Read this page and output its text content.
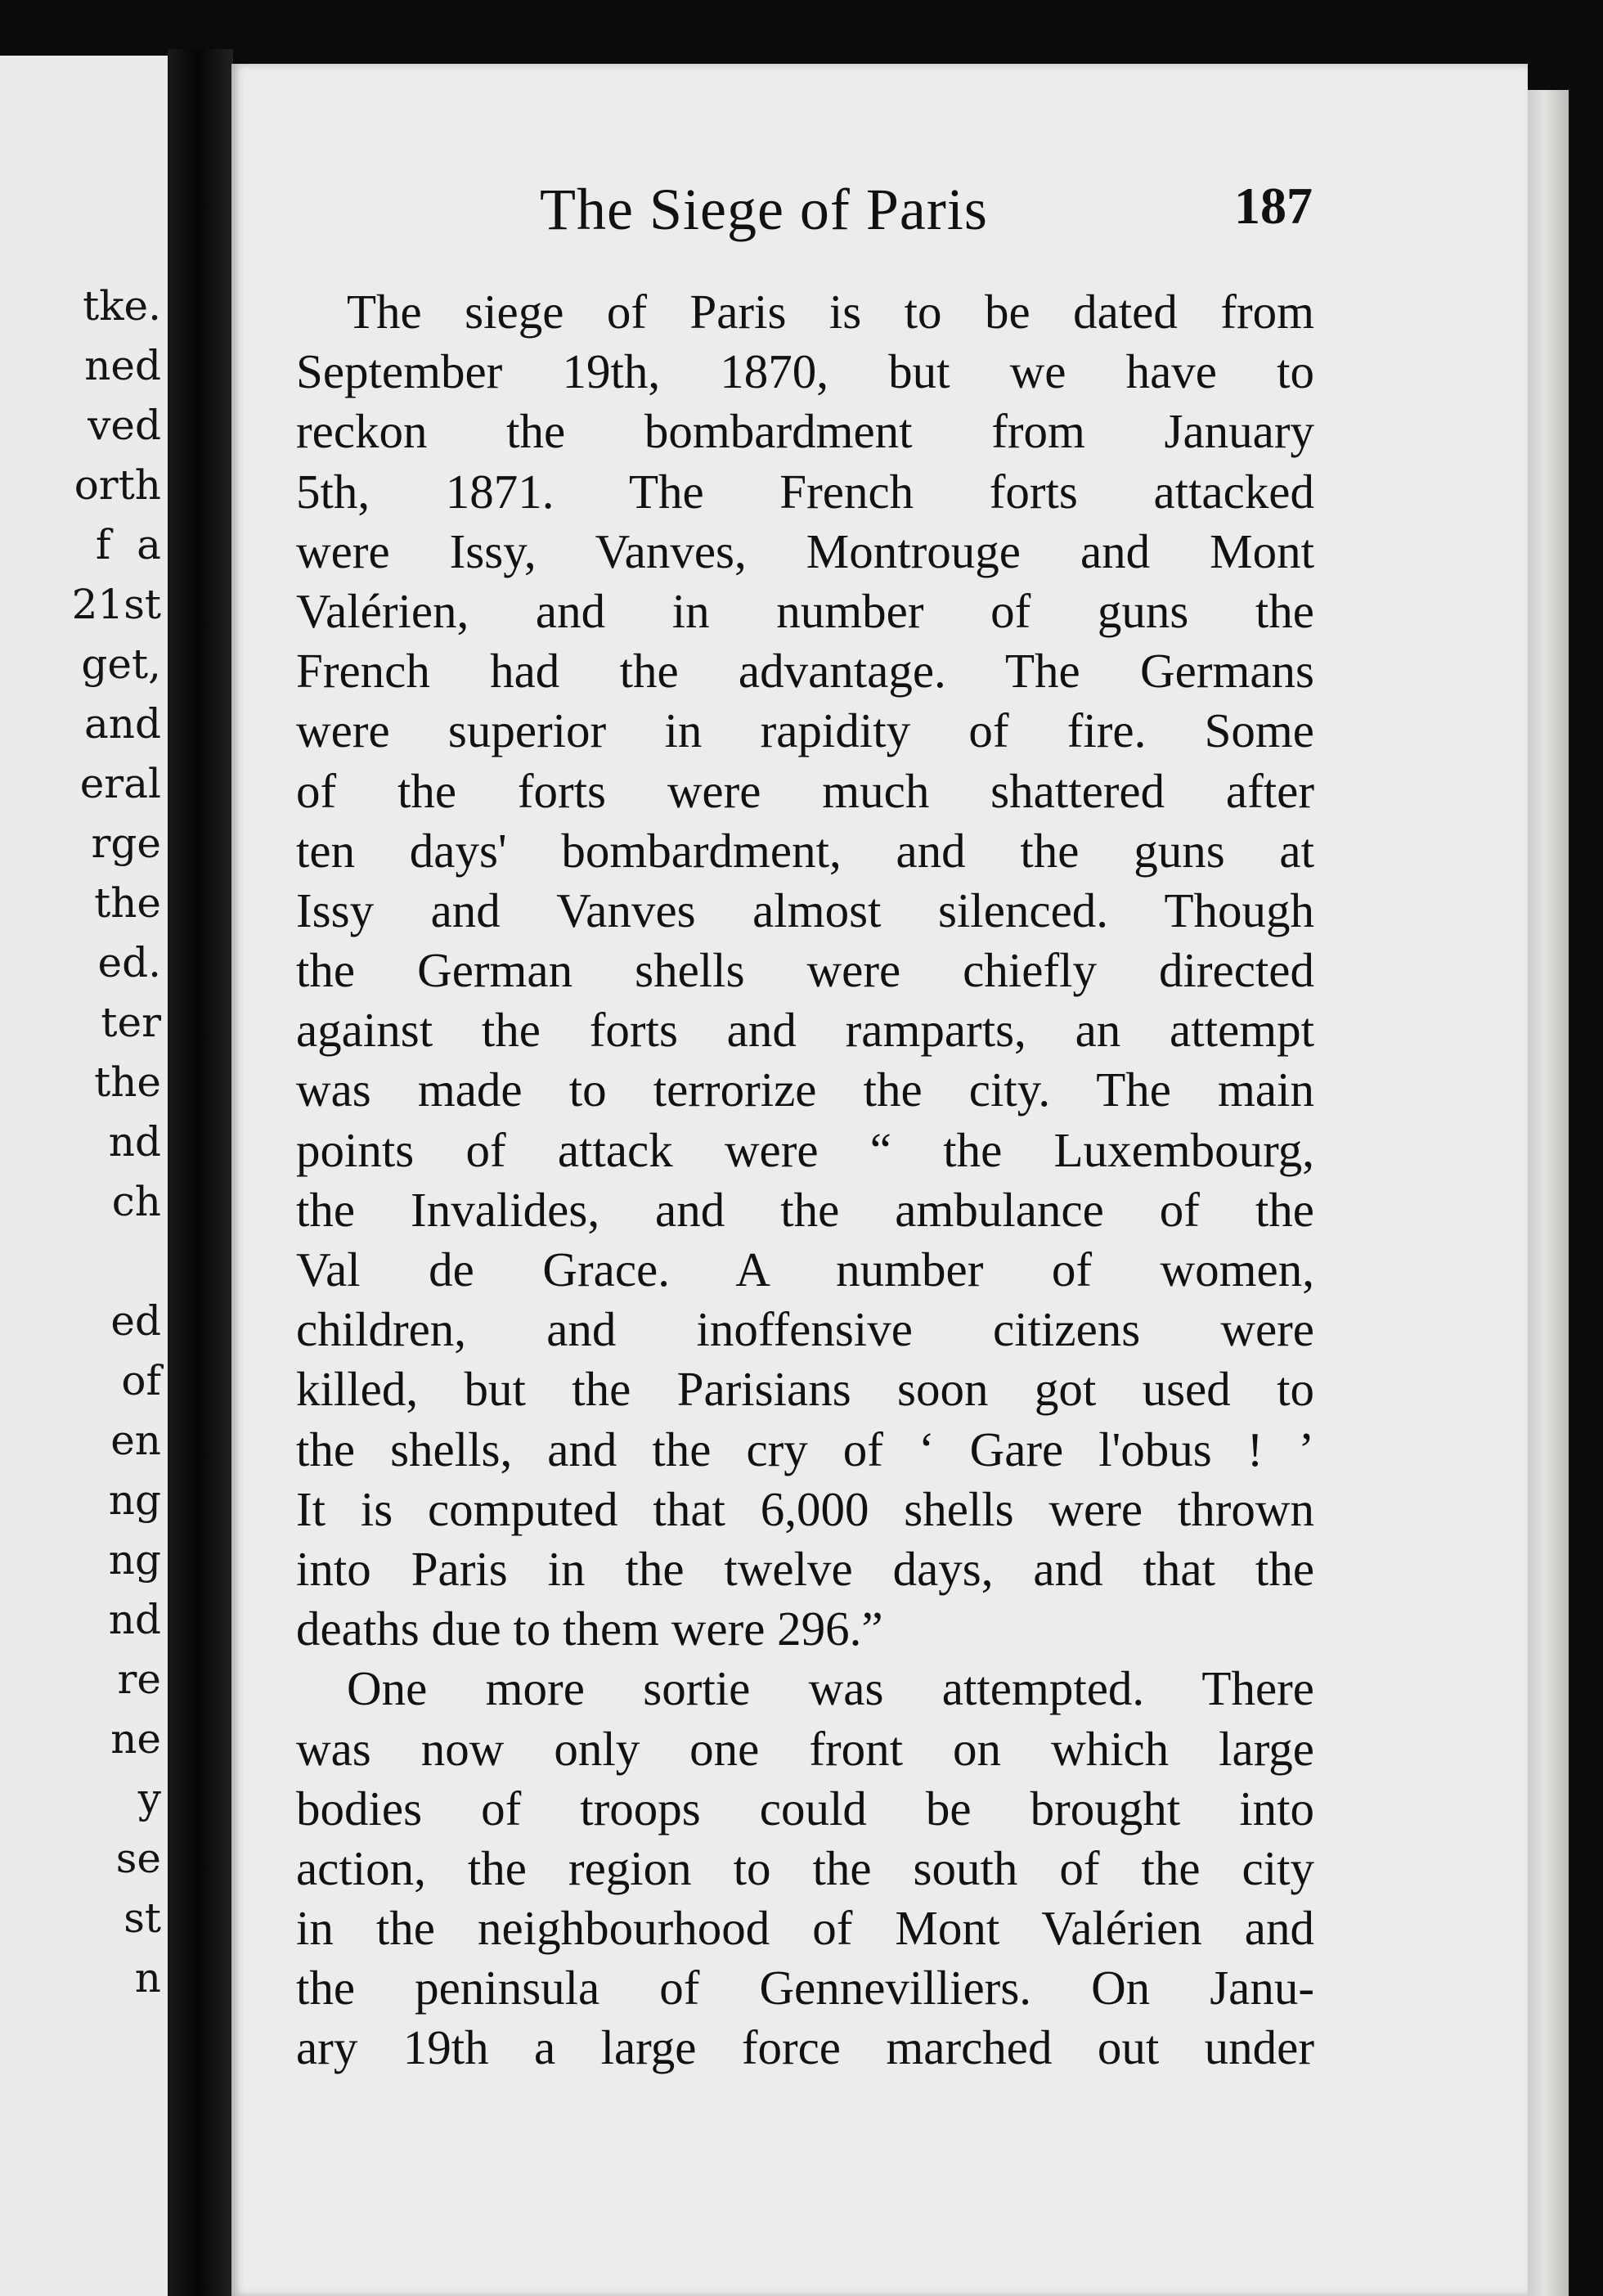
tke.
ned
ved
orth
f  a
21st
get,
and
eral
rge
the
ed.
ter
the
nd
ch
ed
of
en
ng
ng
nd
re
ne
y
se
st
n
The Siege of Paris	187
The siege of Paris is to be dated from
September 19th, 1870, but we have to
reckon the bombardment from January
5th, 1871. The French forts attacked
were Issy, Vanves, Montrouge and Mont
Valérien, and in number of guns the
French had the advantage. The Germans
were superior in rapidity of fire. Some
of the forts were much shattered after
ten days' bombardment, and the guns at
Issy and Vanves almost silenced. Though
the German shells were chiefly directed
against the forts and ramparts, an attempt
was made to terrorize the city. The main
points of attack were “ the Luxembourg,
the Invalides, and the ambulance of the
Val de Grace. A number of women,
children, and inoffensive citizens were
killed, but the Parisians soon got used to
the shells, and the cry of ‘ Gare l'obus ! ’
It is computed that 6,000 shells were thrown
into Paris in the twelve days, and that the
deaths due to them were 296.”
One more sortie was attempted. There
was now only one front on which large
bodies of troops could be brought into
action, the region to the south of the city
in the neighbourhood of Mont Valérien and
the peninsula of Gennevilliers. On Janu-
ary 19th a large force marched out under
